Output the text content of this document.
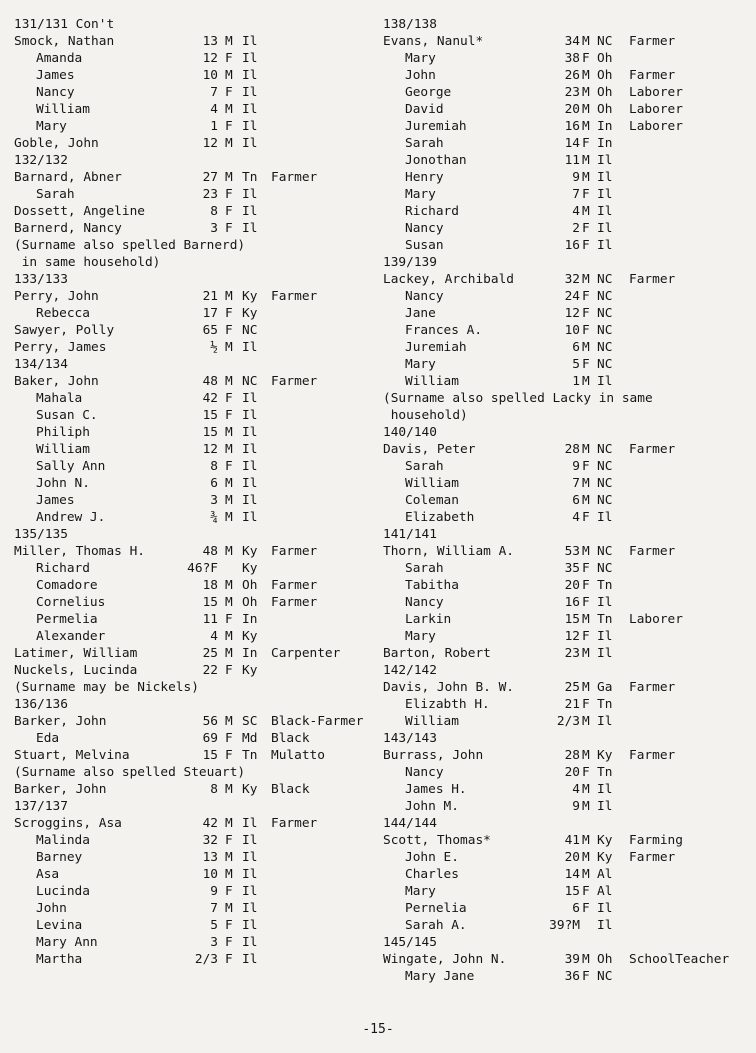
131/131 Con't
Smock, Nathan	13 M Il
Amanda	12 F Il
James	10 M Il
Nancy	7 F Il
William	4 M Il
Mary	1 F Il
Goble, John	12 M Il
132/132
Barnard, Abner	27 M Tn Farmer
Sarah	23 F Il
Dossett, Angeline	8 F Il
Barnerd, Nancy	3 F Il
(Surname also spelled Barnerd)
in same household)
133/133
Perry, John	21 M Ky Farmer
Rebecca	17 F Ky
Sawyer, Polly	65 F NC
Perry, James	½ M Il
134/134
Baker, John	48 M NC Farmer
Mahala	42 F Il
Susan C.	15 F Il
Philiph	15 M Il
William	12 M Il
Sally Ann	8 F Il
John N.	6 M Il
James	3 M Il
Andrew J.	¾ M Il
135/135
Miller, Thomas H.	48 M Ky Farmer
Richard	46?F Ky
Comadore	18 M Oh Farmer
Cornelius	15 M Oh Farmer
Permelia	11 F In
Alexander	4 M Ky
Latimer, William	25 M In Carpenter
Nuckels, Lucinda	22 F Ky
(Surname may be Nickels)
136/136
Barker, John	56 M SC Black-Farmer
Eda	69 F Md Black
Stuart, Melvina	15 F Tn Mulatto
(Surname also spelled Steuart)
Barker, John	8 M Ky Black
137/137
Scroggins, Asa	42 M Il Farmer
Malinda	32 F Il
Barney	13 M Il
Asa	10 M Il
Lucinda	9 F Il
John	7 M Il
Levina	5 F Il
Mary Ann	3 F Il
Martha	2/3 F Il
138/138
Evans, Nanul*	34 M NC Farmer
Mary	38 F Oh
John	26 M Oh Farmer
George	23 M Oh Laborer
David	20 M Oh Laborer
Juremiah	16 M In Laborer
Sarah	14 F In
Jonothan	11 M Il
Henry	9 M Il
Mary	7 F Il
Richard	4 M Il
Nancy	2 F Il
Susan	16 F Il
139/139
Lackey, Archibald	32 M NC Farmer
Nancy	24 F NC
Jane	12 F NC
Frances A.	10 F NC
Juremiah	6 M NC
Mary	5 F NC
William	1 M Il
(Surname also spelled Lacky in same
household)
140/140
Davis, Peter	28 M NC Farmer
Sarah	9 F NC
William	7 M NC
Coleman	6 M NC
Elizabeth	4 F Il
141/141
Thorn, William A.	53 M NC Farmer
Sarah	35 F NC
Tabitha	20 F Tn
Nancy	16 F Il
Larkin	15 M Tn Laborer
Mary	12 F Il
Barton, Robert	23 M Il
142/142
Davis, John B. W.	25 M Ga Farmer
Elizabth H.	21 F Tn
William	2/3 M Il
143/143
Burrass, John	28 M Ky Farmer
Nancy	20 F Tn
James H.	4 M Il
John M.	9 M Il
144/144
Scott, Thomas*	41 M Ky Farming
John E.	20 M Ky Farmer
Charles	14 M Al
Mary	15 F Al
Pernelia	6 F Il
Sarah A.	39?M Il
145/145
Wingate, John N.	39 M Oh SchoolTeacher
Mary Jane	36 F NC
-15-
